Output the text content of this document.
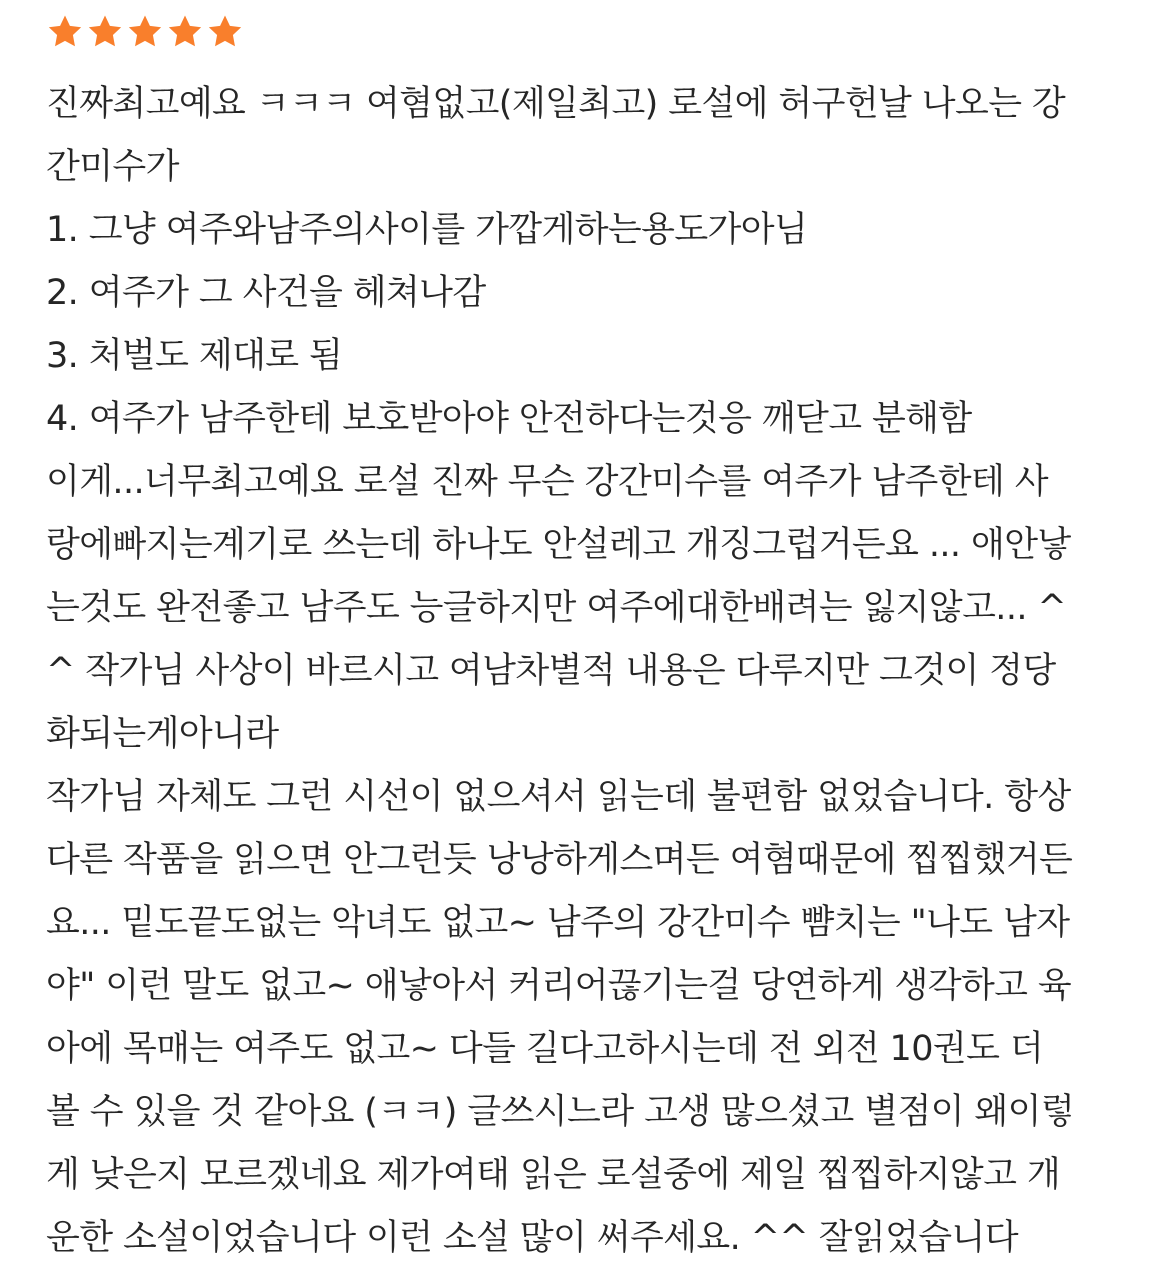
진짜최고예요 ㅋㅋㅋ 여혐없고(제일최고) 로설에 허구헌날 나오는 강
간미수가
1. 그냥 여주와남주의사이를 가깝게하는용도가아님
2. 여주가 그 사건을 헤쳐나감
3. 처벌도 제대로 됨
4. 여주가 남주한테 보호받아야 안전하다는것응 깨닫고 분해함
이게...너무최고예요 로설 진짜 무슨 강간미수를 여주가 남주한테 사
랑에빠지는계기로 쓰는데 하나도 안설레고 개징그럽거든요 ... 애안낳
는것도 완전좋고 남주도 능글하지만 여주에대한배려는 잃지않고... ^
^ 작가님 사상이 바르시고 여남차별적 내용은 다루지만 그것이 정당
화되는게아니라
작가님 자체도 그런 시선이 없으셔서 읽는데 불편함 없었습니다. 항상
다른 작품을 읽으면 안그런듯 낭낭하게스며든 여혐때문에 찝찝했거든
요... 밑도끝도없는 악녀도 없고~ 남주의 강간미수 뺨치는 "나도 남자
야" 이런 말도 없고~ 애낳아서 커리어끊기는걸 당연하게 생각하고 육
아에 목매는 여주도 없고~ 다들 길다고하시는데 전 외전 10권도 더
볼 수 있을 것 같아요 (ㅋㅋ) 글쓰시느라 고생 많으셨고 별점이 왜이렇
게 낮은지 모르겠네요 제가여태 읽은 로설중에 제일 찝찝하지않고 개
운한 소설이었습니다 이런 소설 많이 써주세요. ^^ 잘읽었습니다
